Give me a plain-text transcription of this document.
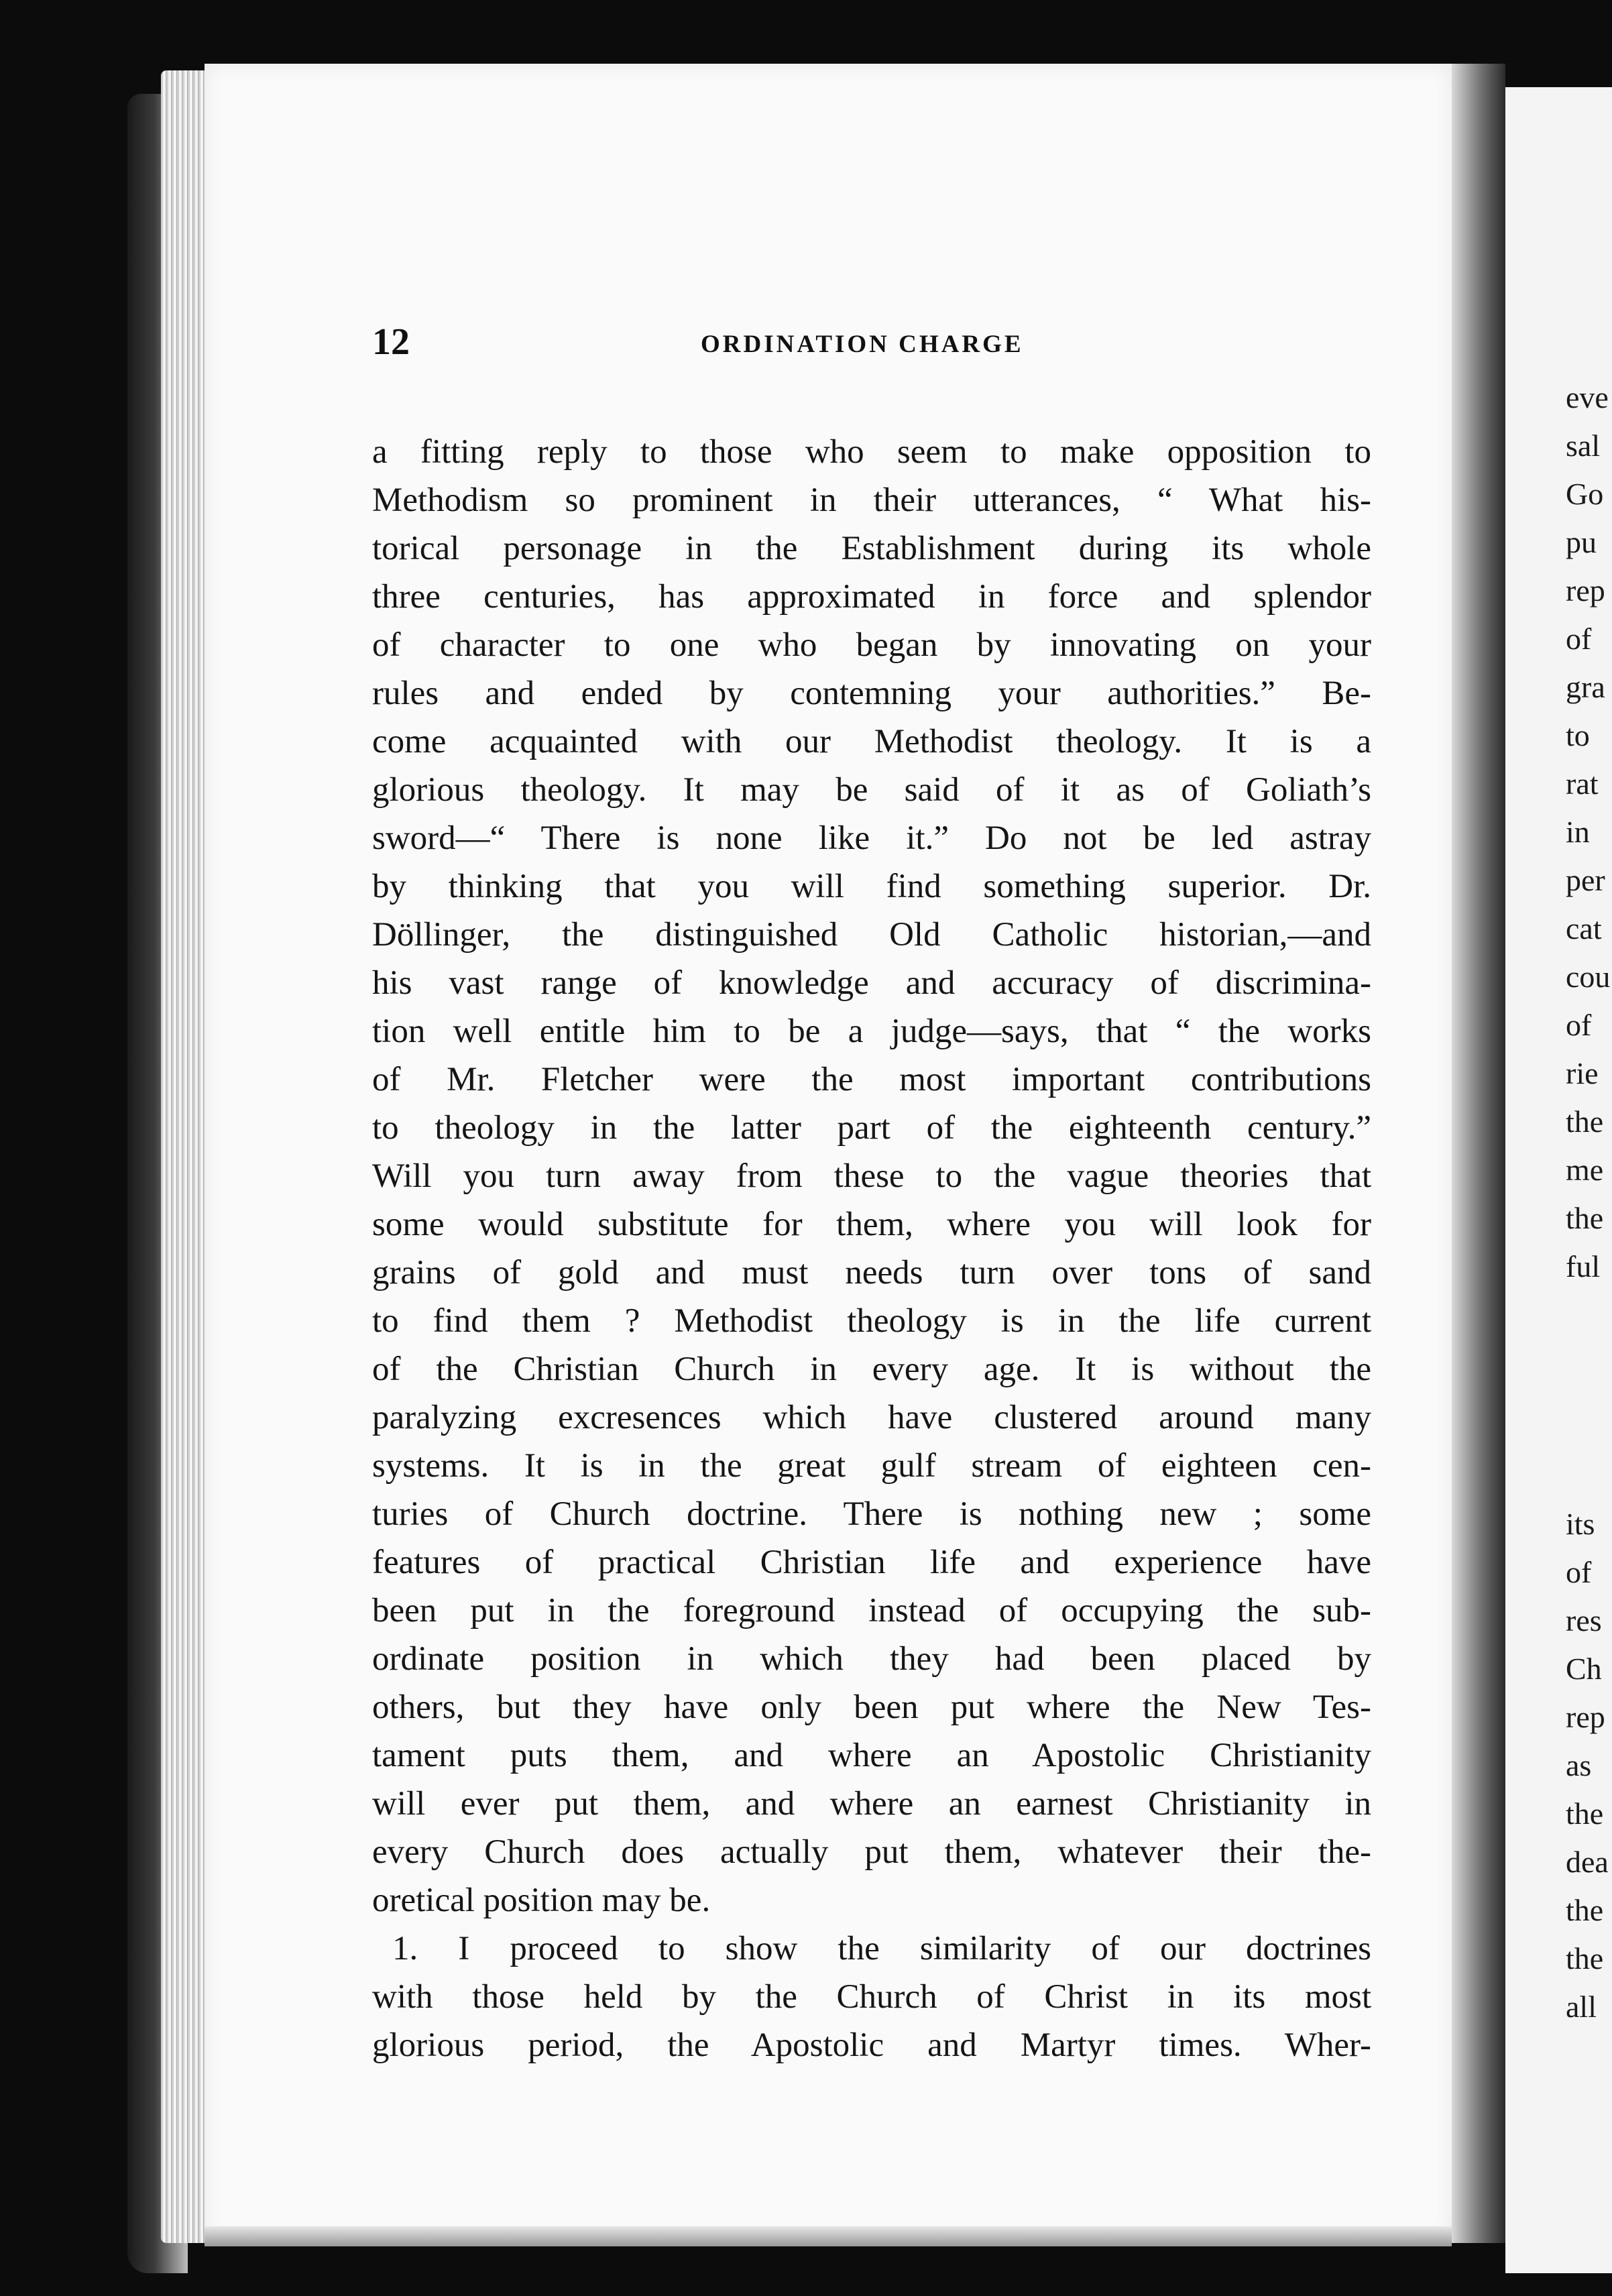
eve
sal
Go
pu
rep
of
gra
to
rat
in
per
cat
cou
of
rie
the
me
the
ful
its
of
res
Ch
rep
as
the
dea
the
the
all
12	ORDINATION CHARGE
a fitting reply to those who seem to make opposition to
Methodism so prominent in their utterances, “ What his-
torical personage in the Establishment during its whole
three centuries, has approximated in force and splendor
of character to one who began by innovating on your
rules and ended by contemning your authorities.” Be-
come acquainted with our Methodist theology. It is a
glorious theology. It may be said of it as of Goliath’s
sword—“ There is none like it.” Do not be led astray
by thinking that you will find something superior. Dr.
Döllinger, the distinguished Old Catholic historian,—and
his vast range of knowledge and accuracy of discrimina-
tion well entitle him to be a judge—says, that “ the works
of Mr. Fletcher were the most important contributions
to theology in the latter part of the eighteenth century.”
Will you turn away from these to the vague theories that
some would substitute for them, where you will look for
grains of gold and must needs turn over tons of sand
to find them ? Methodist theology is in the life current
of the Christian Church in every age. It is without the
paralyzing excresences which have clustered around many
systems. It is in the great gulf stream of eighteen cen-
turies of Church doctrine. There is nothing new ; some
features of practical Christian life and experience have
been put in the foreground instead of occupying the sub-
ordinate position in which they had been placed by
others, but they have only been put where the New Tes-
tament puts them, and where an Apostolic Christianity
will ever put them, and where an earnest Christianity in
every Church does actually put them, whatever their the-
oretical position may be.
1. I proceed to show the similarity of our doctrines
with those held by the Church of Christ in its most
glorious period, the Apostolic and Martyr times. Wher-
